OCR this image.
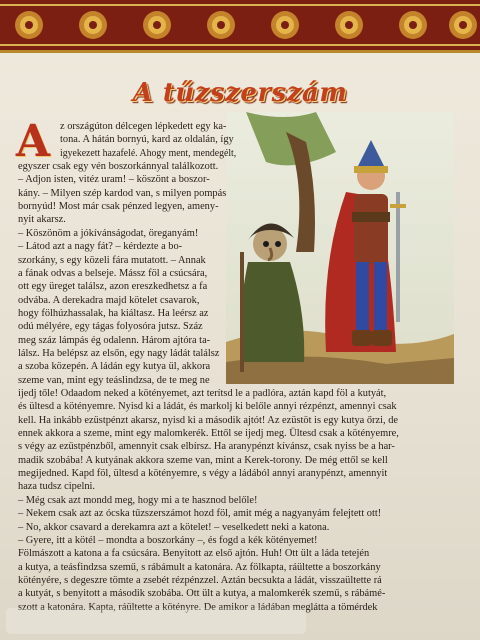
A tűzszerszám
A z országúton délcegen lépkedett egy ka-
tona. A hátán bornyú, kard az oldalán, így
igyekezett hazafelé. Ahogy ment, mendegélt,
egyszer csak egy vén boszorkánnyal találkozott.
– Adjon isten, vitéz uram! – köszönt a boszor-
kány. – Milyen szép kardod van, s milyen pompás
bornyúd! Most már csak pénzed legyen, ameny-
nyit akarsz.
– Köszönöm a jókívánságodat, öreganyám!
– Látod azt a nagy fát? – kérdezte a bo-
szorkány, s egy közeli fára mutatott. – Annak
a fának odvas a belseje. Mássz föl a csúcsára,
ott egy üreget találsz, azon ereszkedhetsz a fa
odvába. A derekadra majd kötelet csavarok,
hogy fölhúzhassalak, ha kiáltasz. Ha leérsz az
odú mélyére, egy tágas folyosóra jutsz. Száz
meg száz lámpás ég odalenn. Három ajtóra ta-
lálsz. Ha belépsz az elsőn, egy nagy ládát találsz
a szoba közepén. A ládán egy kutya ül, akkora
szeme van, mint egy teáslindzsa, de te meg ne
ijedj tőle! Odaadom neked a kötényemet, azt terítsd le a padlóra, aztán kapd föl a kutyát,
és ültesd a kötényemre. Nyisd ki a ládát, és markolj ki belőle annyi rézpénzt, amennyi csak
kell. Ha inkább ezüstpénzt akarsz, nyisd ki a második ajtót! Az ezüstöt is egy kutya őrzi, de
ennek akkora a szeme, mint egy malomkerék. Ettől se ijedj meg. Ültesd csak a kötényemre,
s végy az ezüstpénzből, amennyit csak elbírsz. Ha aranypénzt kívánsz, csak nyiss be a har-
madik szobába! A kutyának akkora szeme van, mint a Kerek-torony. De még ettől se kell
megijedned. Kapd föl, ültesd a kötényemre, s végy a ládából annyi aranypénzt, amennyit
haza tudsz cipelni.
– Még csak azt mondd meg, hogy mi a te hasznod belőle!
– Nekem csak azt az ócska tűzszerszámot hozd föl, amit még a nagyanyám felejtett ott!
– No, akkor csavard a derekamra azt a kötelet! – veselkedett neki a katona.
– Gyere, itt a kötél – mondta a boszorkány –, és fogd a kék kötényemet!
Fölmászott a katona a fa csúcsára. Benyitott az első ajtón. Huh! Ott ült a láda tetején
a kutya, a teásfindzsa szemű, s rábámult a katonára. Az fölkapta, ráültette a boszorkány
kötényére, s degeszre tömte a zsebét rézpénzzel. Aztán becsukta a ládát, visszaültette rá
a kutyát, s benyitott a második szobába. Ott ült a kutya, a malomkerék szemű, s rábámé-
szott a katonára. Kapta, ráültette a kötényre. De amikor a ládában meglátta a tömérdek
